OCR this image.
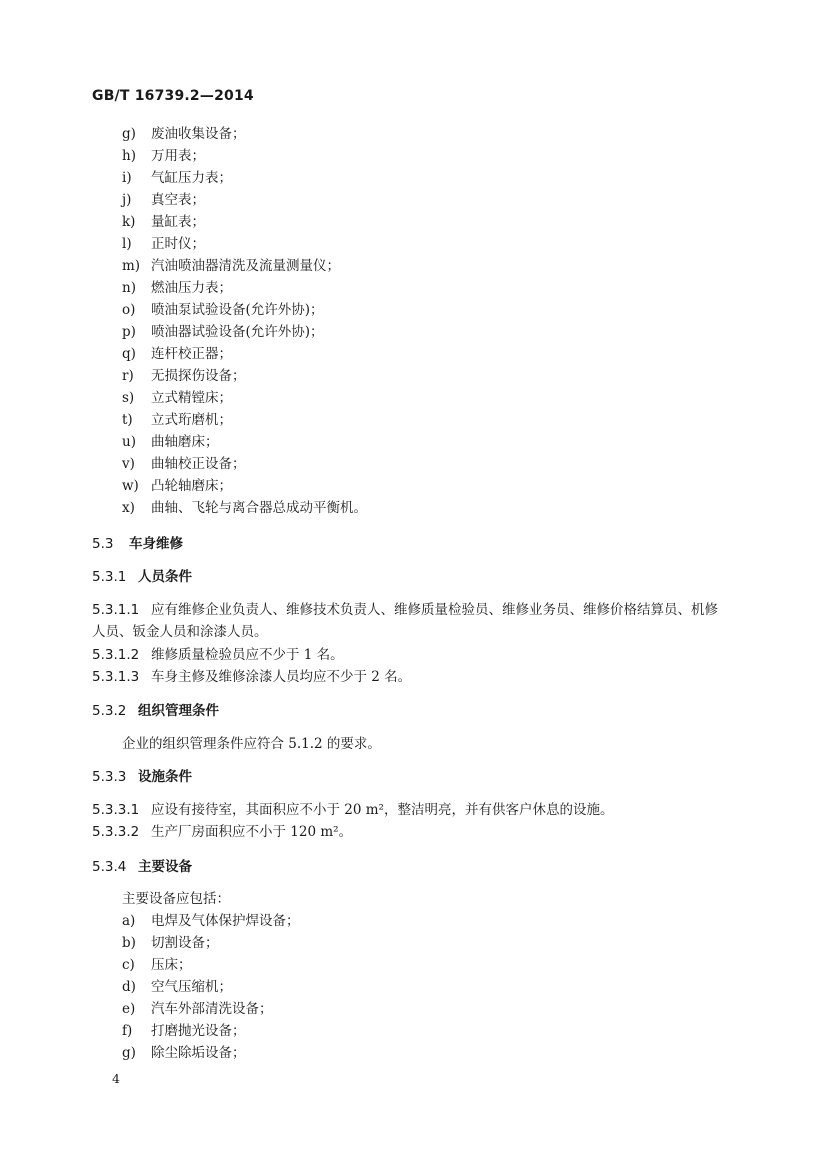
GB/T 16739.2—2014
g) 废油收集设备；
h) 万用表；
i) 气缸压力表；
j) 真空表；
k) 量缸表；
l) 正时仪；
m) 汽油喷油器清洗及流量测量仪；
n) 燃油压力表；
o) 喷油泵试验设备(允许外协)；
p) 喷油器试验设备(允许外协)；
q) 连杆校正器；
r) 无损探伤设备；
s) 立式精镗床；
t) 立式珩磨机；
u) 曲轴磨床；
v) 曲轴校正设备；
w) 凸轮轴磨床；
x) 曲轴、飞轮与离合器总成动平衡机。
5.3 车身维修
5.3.1 人员条件
5.3.1.1 应有维修企业负责人、维修技术负责人、维修质量检验员、维修业务员、维修价格结算员、机修
人员、钣金人员和涂漆人员。
5.3.1.2 维修质量检验员应不少于 1 名。
5.3.1.3 车身主修及维修涂漆人员均应不少于 2 名。
5.3.2 组织管理条件
企业的组织管理条件应符合 5.1.2 的要求。
5.3.3 设施条件
5.3.3.1 应设有接待室，其面积应不小于 20 m²，整洁明亮，并有供客户休息的设施。
5.3.3.2 生产厂房面积应不小于 120 m²。
5.3.4 主要设备
主要设备应包括：
a) 电焊及气体保护焊设备；
b) 切割设备；
c) 压床；
d) 空气压缩机；
e) 汽车外部清洗设备；
f) 打磨抛光设备；
g) 除尘除垢设备；
4
